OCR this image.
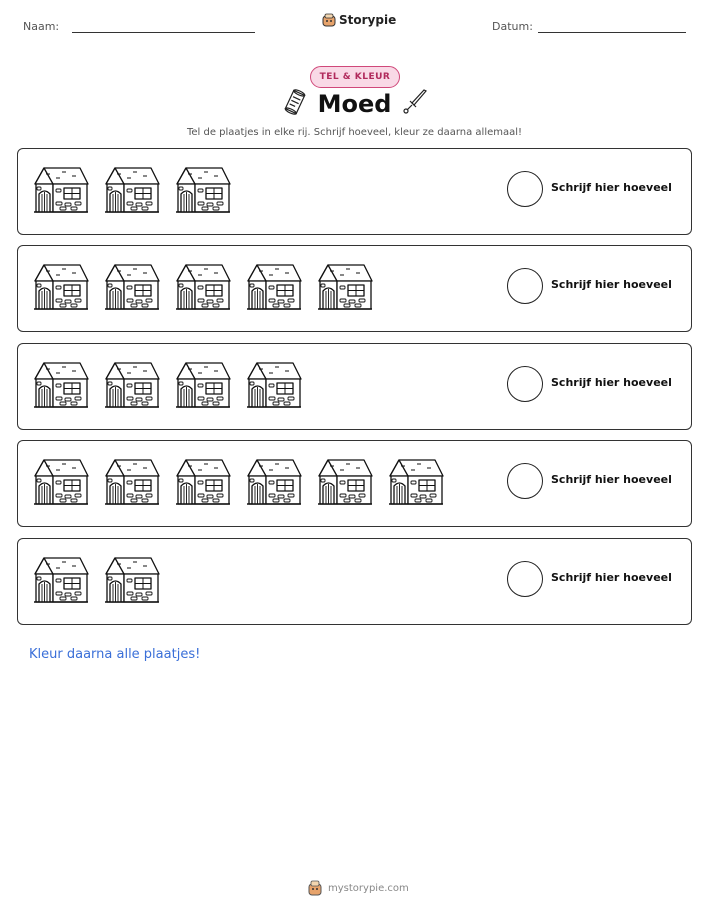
Naam:	Storypie	Datum:
TEL & KLEUR
Moed
Tel de plaatjes in elke rij. Schrijf hoeveel, kleur ze daarna allemaal!
Schrijf hier hoeveel
Schrijf hier hoeveel
Schrijf hier hoeveel
Schrijf hier hoeveel
Schrijf hier hoeveel
Kleur daarna alle plaatjes!
mystorypie.com
